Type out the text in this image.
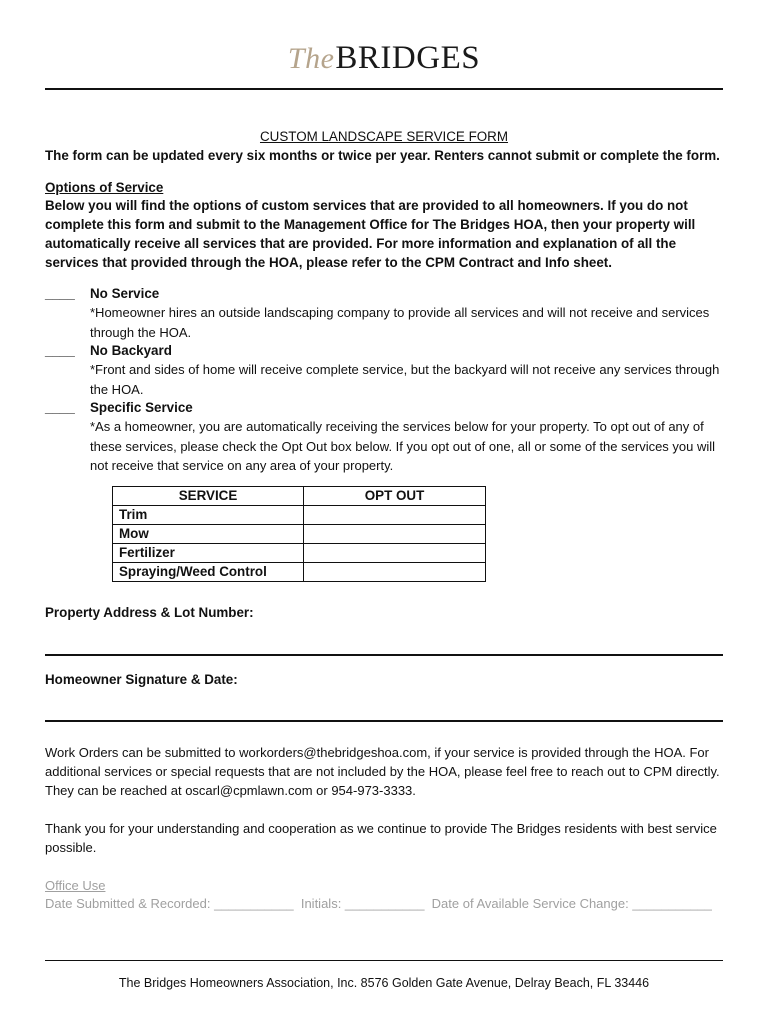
TheBRIDGES
CUSTOM LANDSCAPE SERVICE FORM
The form can be updated every six months or twice per year. Renters cannot submit or complete the form.
Options of Service
Below you will find the options of custom services that are provided to all homeowners. If you do not complete this form and submit to the Management Office for The Bridges HOA, then your property will automatically receive all services that are provided. For more information and explanation of all the services that provided through the HOA, please refer to the CPM Contract and Info sheet.
____ No Service
*Homeowner hires an outside landscaping company to provide all services and will not receive and services through the HOA.
____ No Backyard
*Front and sides of home will receive complete service, but the backyard will not receive any services through the HOA.
____ Specific Service
*As a homeowner, you are automatically receiving the services below for your property. To opt out of any of these services, please check the Opt Out box below. If you opt out of one, all or some of the services you will not receive that service on any area of your property.
SERVICE	OPT OUT
Trim	
Mow	
Fertilizer	
Spraying/Weed Control	
Property Address & Lot Number:
Homeowner Signature & Date:
Work Orders can be submitted to workorders@thebridgeshoa.com, if your service is provided through the HOA. For additional services or special requests that are not included by the HOA, please feel free to reach out to CPM directly. They can be reached at oscarl@cpmlawn.com or 954-973-3333.
Thank you for your understanding and cooperation as we continue to provide The Bridges residents with best service possible.
Office Use
Date Submitted & Recorded: ___________  Initials: ___________  Date of Available Service Change: ___________
The Bridges Homeowners Association, Inc. 8576 Golden Gate Avenue, Delray Beach, FL 33446
